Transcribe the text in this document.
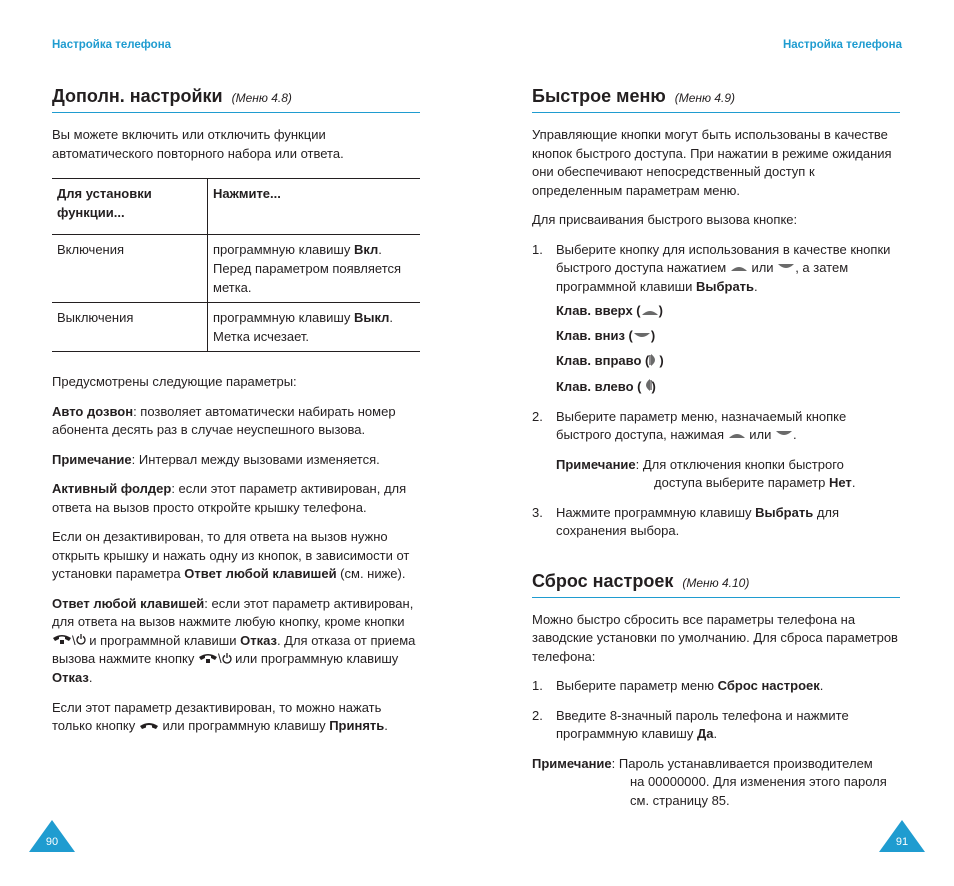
Настройка телефона	Настройка телефона
Дополн. настройки (Меню 4.8)

Вы можете включить или отключить функции автоматического повторного набора или ответа.

Для установки функции...	Нажмите...
Включения	программную клавишу Вкл. Перед параметром появляется метка.
Выключения	программную клавишу Выкл. Метка исчезает.

Предусмотрены следующие параметры:

Авто дозвон: позволяет автоматически набирать номер абонента десять раз в случае неуспешного вызова.

Примечание: Интервал между вызовами изменяется.

Активный фолдер: если этот параметр активирован, для ответа на вызов просто откройте крышку телефона.

Если он дезактивирован, то для ответа на вызов нужно открыть крышку и нажать одну из кнопок, в зависимости от установки параметра Ответ любой клавишей (см. ниже).

Ответ любой клавишей: если этот параметр активирован, для ответа на вызов нажмите любую кнопку, кроме кнопки \ и программной клавиши Отказ. Для отказа от приема вызова нажмите кнопку \ или программную клавишу Отказ.

Если этот параметр дезактивирован, то можно нажать только кнопку  или программную клавишу Принять.

Быстрое меню (Меню 4.9)

Управляющие кнопки могут быть использованы в качестве кнопок быстрого доступа. При нажатии в режиме ожидания они обеспечивают непосредственный доступ к определенным параметрам меню.

Для присваивания быстрого вызова кнопке:

1. Выберите кнопку для использования в качестве кнопки быстрого доступа нажатием  или , а затем программной клавиши Выбрать.
Клав. вверх ( )
Клав. вниз ( )
Клав. вправо ( )
Клав. влево ( )
2. Выберите параметр меню, назначаемый кнопке быстрого доступа, нажимая  или .
Примечание: Для отключения кнопки быстрого
доступа выберите параметр Нет.
3. Нажмите программную клавишу Выбрать для сохранения выбора.
Сброс настроек (Меню 4.10)

Можно быстро сбросить все параметры телефона на заводские установки по умолчанию. Для сброса параметров телефона:

1. Выберите параметр меню Сброс настроек.
2. Введите 8-значный пароль телефона и нажмите программную клавишу Да.
Примечание: Пароль устанавливается производителем
на 00000000. Для изменения этого пароля см. страницу 85.
90	91
